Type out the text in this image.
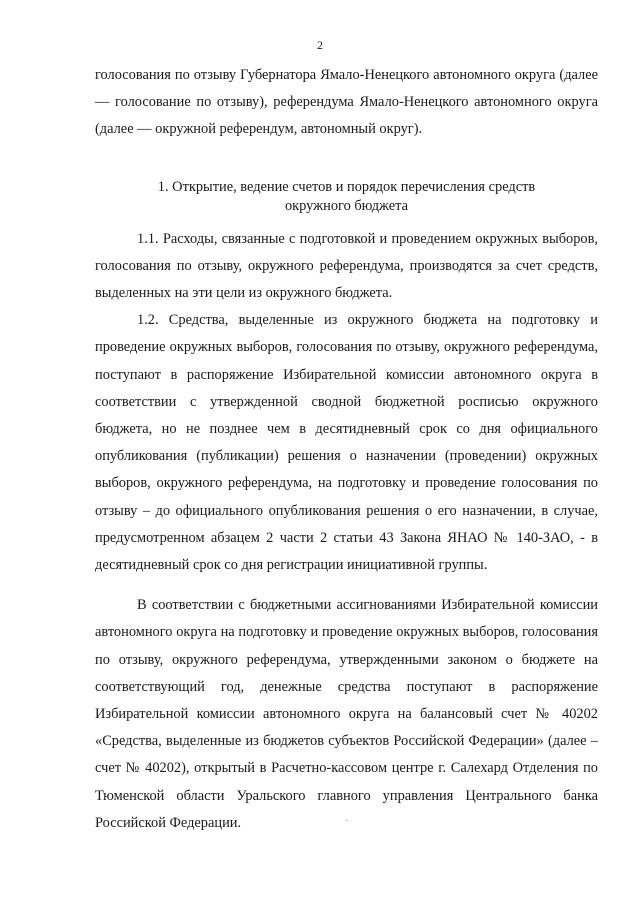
2

голосования по отзыву Губернатора Ямало-Ненецкого автономного округа (далее — голосование по отзыву), референдума Ямало-Ненецкого автономного округа (далее — окружной референдум, автономный округ).

1. Открытие, ведение счетов и порядок перечисления средств окружного бюджета

1.1. Расходы, связанные с подготовкой и проведением окружных выборов, голосования по отзыву, окружного референдума, производятся за счет средств, выделенных на эти цели из окружного бюджета.

1.2. Средства, выделенные из окружного бюджета на подготовку и проведение окружных выборов, голосования по отзыву, окружного референдума, поступают в распоряжение Избирательной комиссии автономного округа в соответствии с утвержденной сводной бюджетной росписью окружного бюджета, но не позднее чем в десятидневный срок со дня официального опубликования (публикации) решения о назначении (проведении) окружных выборов, окружного референдума, на подготовку и проведение голосования по отзыву – до официального опубликования решения о его назначении, в случае, предусмотренном абзацем 2 части 2 статьи 43 Закона ЯНАО № 140-ЗАО, - в десятидневный срок со дня регистрации инициативной группы.

В соответствии с бюджетными ассигнованиями Избирательной комиссии автономного округа на подготовку и проведение окружных выборов, голосования по отзыву, окружного референдума, утвержденными законом о бюджете на соответствующий год, денежные средства поступают в распоряжение Избирательной комиссии автономного округа на балансовый счет № 40202 «Средства, выделенные из бюджетов субъектов Российской Федерации» (далее – счет № 40202), открытый в Расчетно-кассовом центре г. Салехард Отделения по Тюменской области Уральского главного управления Центрального банка Российской Федерации.
